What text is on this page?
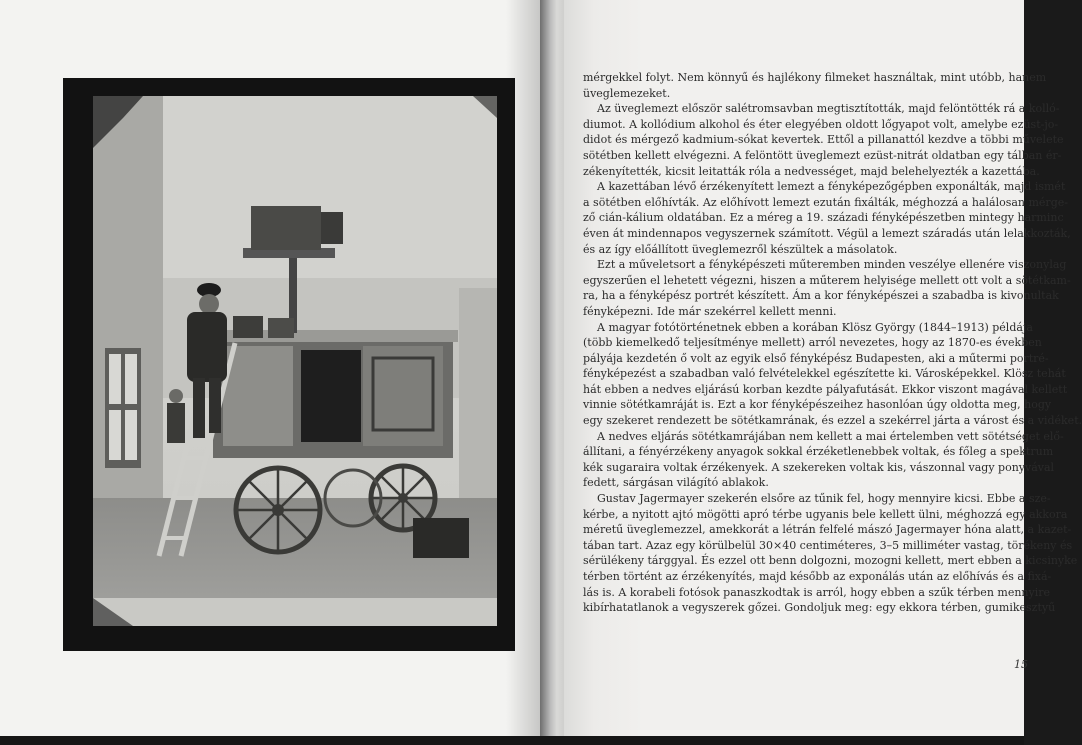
mérgekkel folyt. Nem könnyű és hajlékony filmeket használtak, mint utóbb, hanem
üveglemezeket.
Az üveglemezt először salétromsavban megtisztították, majd felöntötték rá a kolló-
diumot. A kollódium alkohol és éter elegyében oldott lőgyapot volt, amelybe ezüst-jo-
didot és mérgező kadmium-sókat kevertek. Ettől a pillanattól kezdve a többi művelete
sötétben kellett elvégezni. A felöntött üveglemezt ezüst-nitrát oldatban egy tálban ér-
zékenyítették, kicsit leitatták róla a nedvességet, majd belehelyezték a kazettába.
A kazettában lévő érzékenyített lemezt a fényképezőgépben exponálták, majd ismét
a sötétben előhívták. Az előhívott lemezt ezután fixálták, méghozzá a halálosan mérge-
ző cián-kálium oldatában. Ez a méreg a 19. századi fényképészetben mintegy harminc
éven át mindennapos vegyszernek számított. Végül a lemezt száradás után lelakkozták,
és az így előállított üveglemezről készültek a másolatok.
Ezt a műveletsort a fényképészeti műteremben minden veszélye ellenére viszonylag
egyszerűen el lehetett végezni, hiszen a műterem helyisége mellett ott volt a sötétkam-
ra, ha a fényképész portrét készített. Ám a kor fényképészei a szabadba is kivonultak
fényképezni. Ide már szekérrel kellett menni.
A magyar fotótörténetnek ebben a korában Klösz György (1844–1913) példája
(több kiemelkedő teljesítménye mellett) arról nevezetes, hogy az 1870-es években
pályája kezdetén ő volt az egyik első fényképész Budapesten, aki a műtermi portré-
fényképezést a szabadban való felvételekkel egészítette ki. Városképekkel. Klösz tehát
hát ebben a nedves eljárású korban kezdte pályafutását. Ekkor viszont magával kellett
vinnie sötétkamráját is. Ezt a kor fényképészeihez hasonlóan úgy oldotta meg, hogy
egy szekeret rendezett be sötétkamrának, és ezzel a szekérrel járta a várost és a vidéket.
A nedves eljárás sötétkamrájában nem kellett a mai értelemben vett sötétséget elő-
állítani, a fényérzékeny anyagok sokkal érzéketlenebbek voltak, és főleg a spektrum
kék sugaraira voltak érzékenyek. A szekereken voltak kis, vászonnal vagy ponyvával
fedett, sárgásan világító ablakok.
Gustav Jagermayer szekerén elsőre az tűnik fel, hogy mennyire kicsi. Ebbe a sze-
kérbe, a nyitott ajtó mögötti apró térbe ugyanis bele kellett ülni, méghozzá egy akkora
méretű üveglemezzel, amekkorát a létrán felfelé mászó Jagermayer hóna alatt, a kazet-
tában tart. Azaz egy körülbelül 30×40 centiméteres, 3–5 milliméter vastag, törékeny és
sérülékeny tárggyal. És ezzel ott benn dolgozni, mozogni kellett, mert ebben a kicsinyke
térben történt az érzékenyítés, majd később az exponálás után az előhívás és a fixá-
lás is. A korabeli fotósok panaszkodtak is arról, hogy ebben a szűk térben mennyire
kibírhatatlanok a vegyszerek gőzei. Gondoljuk meg: egy ekkora térben, gumikesztyű
15
